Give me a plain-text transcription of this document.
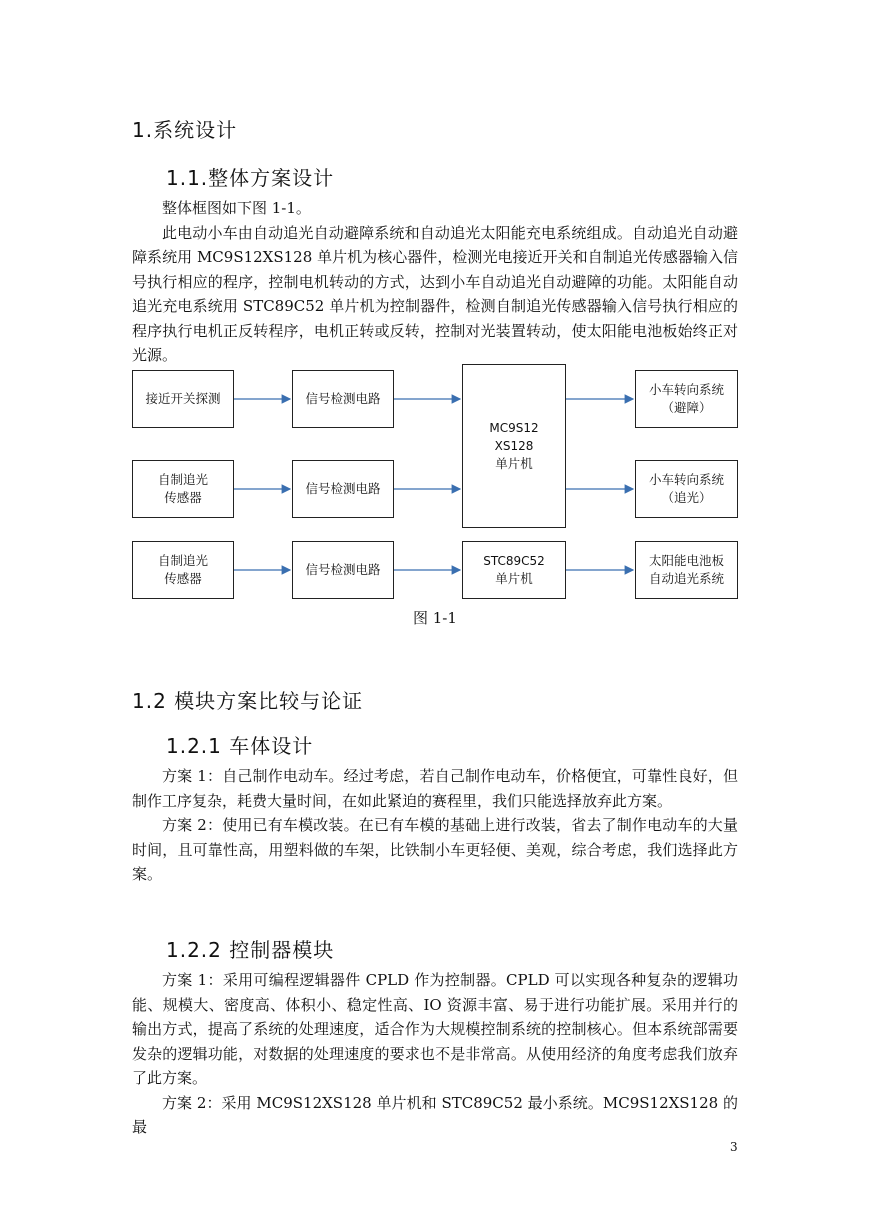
1.系统设计
1.1.整体方案设计

整体框图如下图 1-1。

此电动小车由自动追光自动避障系统和自动追光太阳能充电系统组成。自动追光自动避障系统用 MC9S12XS128 单片机为核心器件，检测光电接近开关和自制追光传感器输入信号执行相应的程序，控制电机转动的方式，达到小车自动追光自动避障的功能。太阳能自动追光充电系统用 STC89C52 单片机为控制器件，检测自制追光传感器输入信号执行相应的程序执行电机正反转程序，电机正转或反转，控制对光装置转动，使太阳能电池板始终正对光源。

接近开关探测
自制追光
传感器
自制追光
传感器
信号检测电路
信号检测电路
信号检测电路
MC9S12
XS128
单片机
STC89C52
单片机
小车转向系统
（避障）
小车转向系统
（追光）
太阳能电池板
自动追光系统
图 1-1
1.2 模块方案比较与论证
1.2.1 车体设计

方案 1：自己制作电动车。经过考虑，若自己制作电动车，价格便宜，可靠性良好，但制作工序复杂，耗费大量时间，在如此紧迫的赛程里，我们只能选择放弃此方案。

方案 2：使用已有车模改装。在已有车模的基础上进行改装，省去了制作电动车的大量时间，且可靠性高，用塑料做的车架，比铁制小车更轻便、美观，综合考虑，我们选择此方案。

1.2.2 控制器模块

方案 1：采用可编程逻辑器件 CPLD 作为控制器。CPLD 可以实现各种复杂的逻辑功能、规模大、密度高、体积小、稳定性高、IO 资源丰富、易于进行功能扩展。采用并行的输出方式，提高了系统的处理速度，适合作为大规模控制系统的控制核心。但本系统部需要发杂的逻辑功能，对数据的处理速度的要求也不是非常高。从使用经济的角度考虑我们放弃了此方案。

方案 2：采用 MC9S12XS128 单片机和 STC89C52 最小系统。MC9S12XS128 的最

3
